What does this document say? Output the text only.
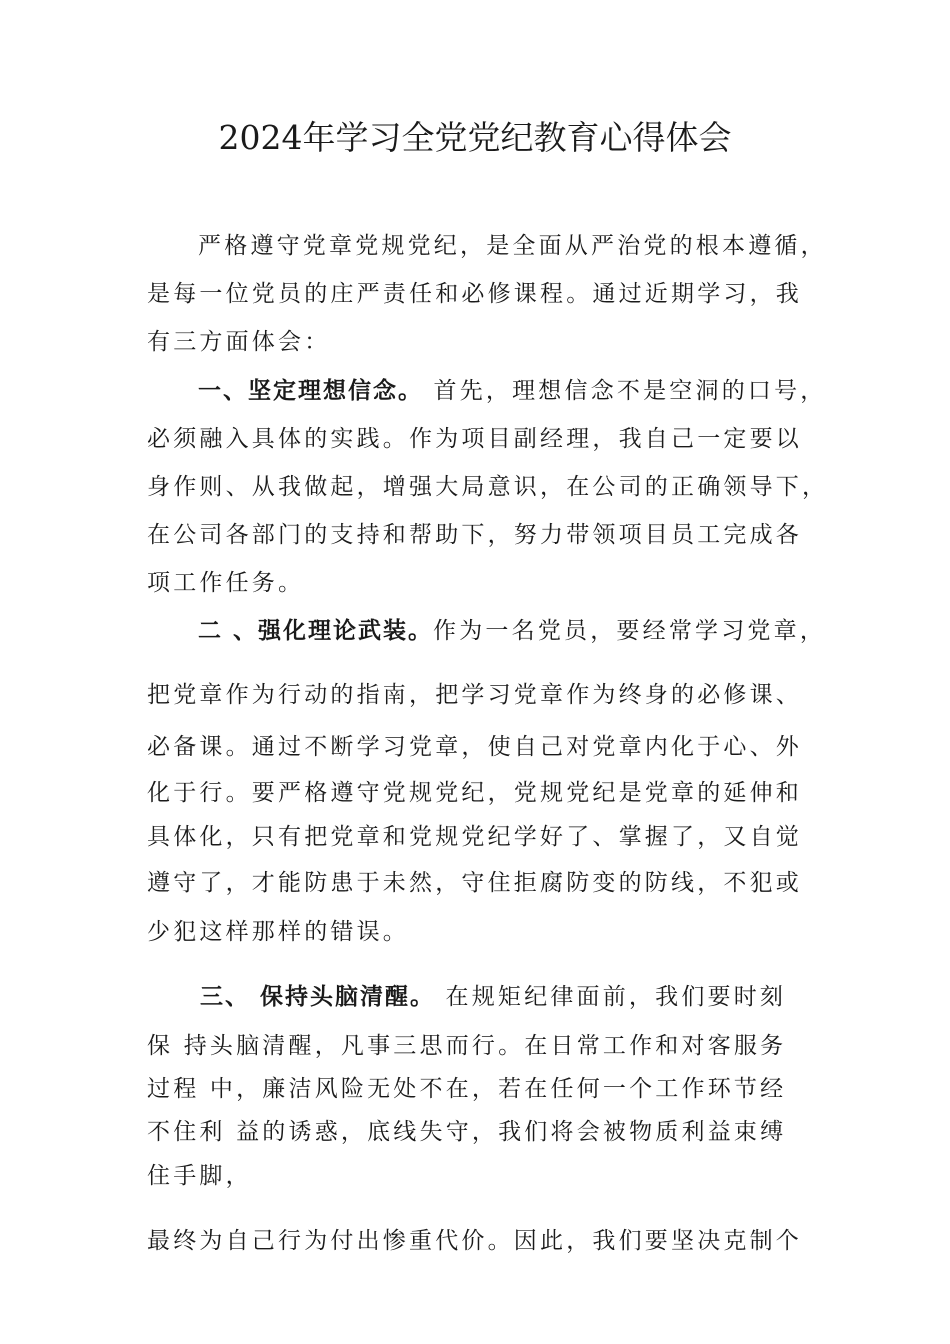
2024年学习全党党纪教育心得体会
严格遵守党章党规党纪，是全面从严治党的根本遵循，
是每一位党员的庄严责任和必修课程。通过近期学习，我
有三方面体会：
一、坚定理想信念。 首先，理想信念不是空洞的口号，
必须融入具体的实践。作为项目副经理，我自己一定要以
身作则、从我做起，增强大局意识，在公司的正确领导下，
在公司各部门的支持和帮助下，努力带领项目员工完成各
项工作任务。
二 、强化理论武装。作为一名党员，要经常学习党章，
把党章作为行动的指南，把学习党章作为终身的必修课、
必备课。通过不断学习党章，使自己对党章内化于心、外
化于行。要严格遵守党规党纪，党规党纪是党章的延伸和
具体化，只有把党章和党规党纪学好了、掌握了，又自觉
遵守了，才能防患于未然，守住拒腐防变的防线，不犯或
少犯这样那样的错误。
三、 保持头脑清醒。 在规矩纪律面前，我们要时刻
保 持头脑清醒，凡事三思而行。在日常工作和对客服务
过程 中，廉洁风险无处不在，若在任何一个工作环节经
不住利 益的诱惑，底线失守，我们将会被物质利益束缚
住手脚，
最终为自己行为付出惨重代价。因此，我们要坚决克制个
